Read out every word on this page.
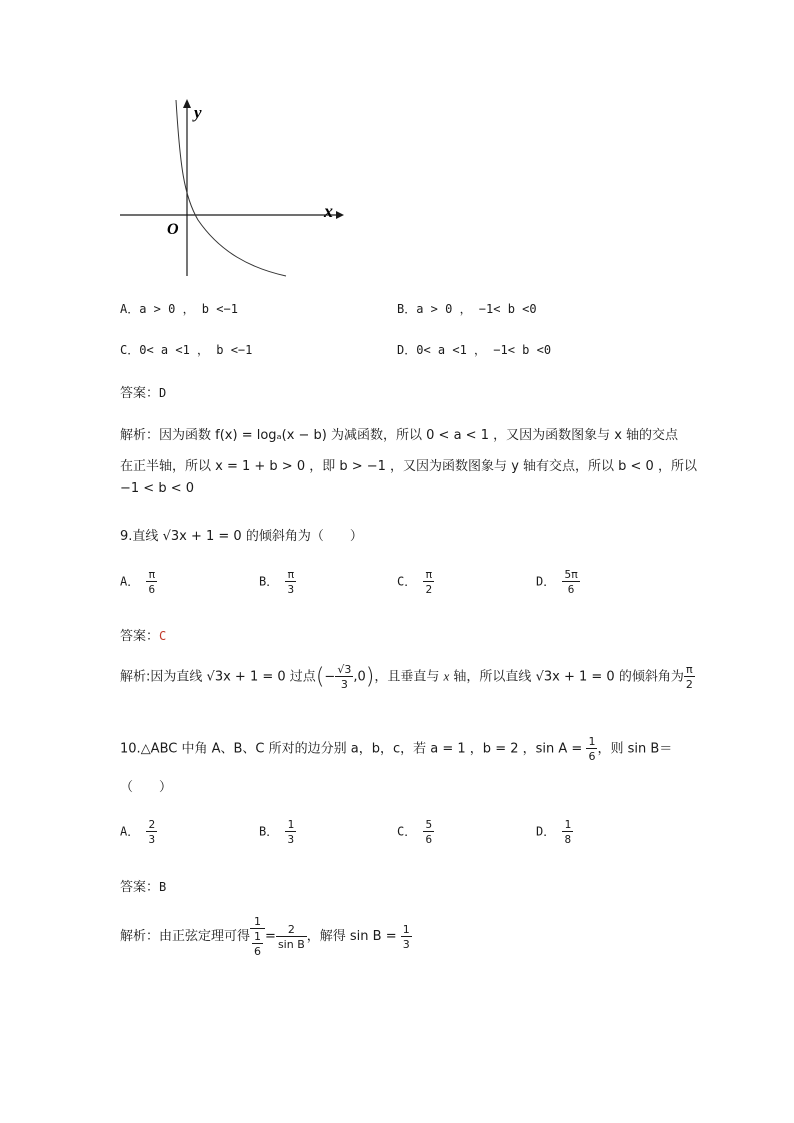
y
x
O
A．a > 0 ， b <−1	B．a > 0 ， −1< b <0
C．0< a <1 ， b <−1	D．0< a <1 ， −1< b <0
答案：D
解析：因为函数 f(x) = logₐ(x − b) 为减函数，所以 0 < a < 1 ，又因为函数图象与 x 轴的交点
在正半轴，所以 x = 1 + b > 0 ，即 b > −1 ，又因为函数图象与 y 轴有交点，所以 b < 0 ，所以
−1 < b < 0
9.直线 √3x + 1 = 0 的倾斜角为（　　）
A． $\frac{\pi}{6}$	B． $\frac{\pi}{3}$	C． $\frac{\pi}{2}$	D． $\frac{5\pi}{6}$
答案：C
解析:因为直线 √3x + 1 = 0 过点(− $\frac{√3}{3} ,0$)，且垂直与 x 轴，所以直线 √3x + 1 = 0 的倾斜角为 $\frac{\pi}{2}$
10.△ABC 中角 A、B、C 所对的边分别 a，b，c，若 a = 1 ，b = 2 ，$\sin A = \frac{1}{6}$ ，则 sin B＝
（　　）
A． $\frac{2}{3}$	B． $\frac{1}{3}$	C． $\frac{5}{6}$	D． $\frac{1}{8}$
答案：B
解析：由正弦定理可得 $\frac{1}{\frac{1}{6}} = \frac{2}{\text{sin B}}$ ，解得 $\sin B = \frac{1}{3}$
